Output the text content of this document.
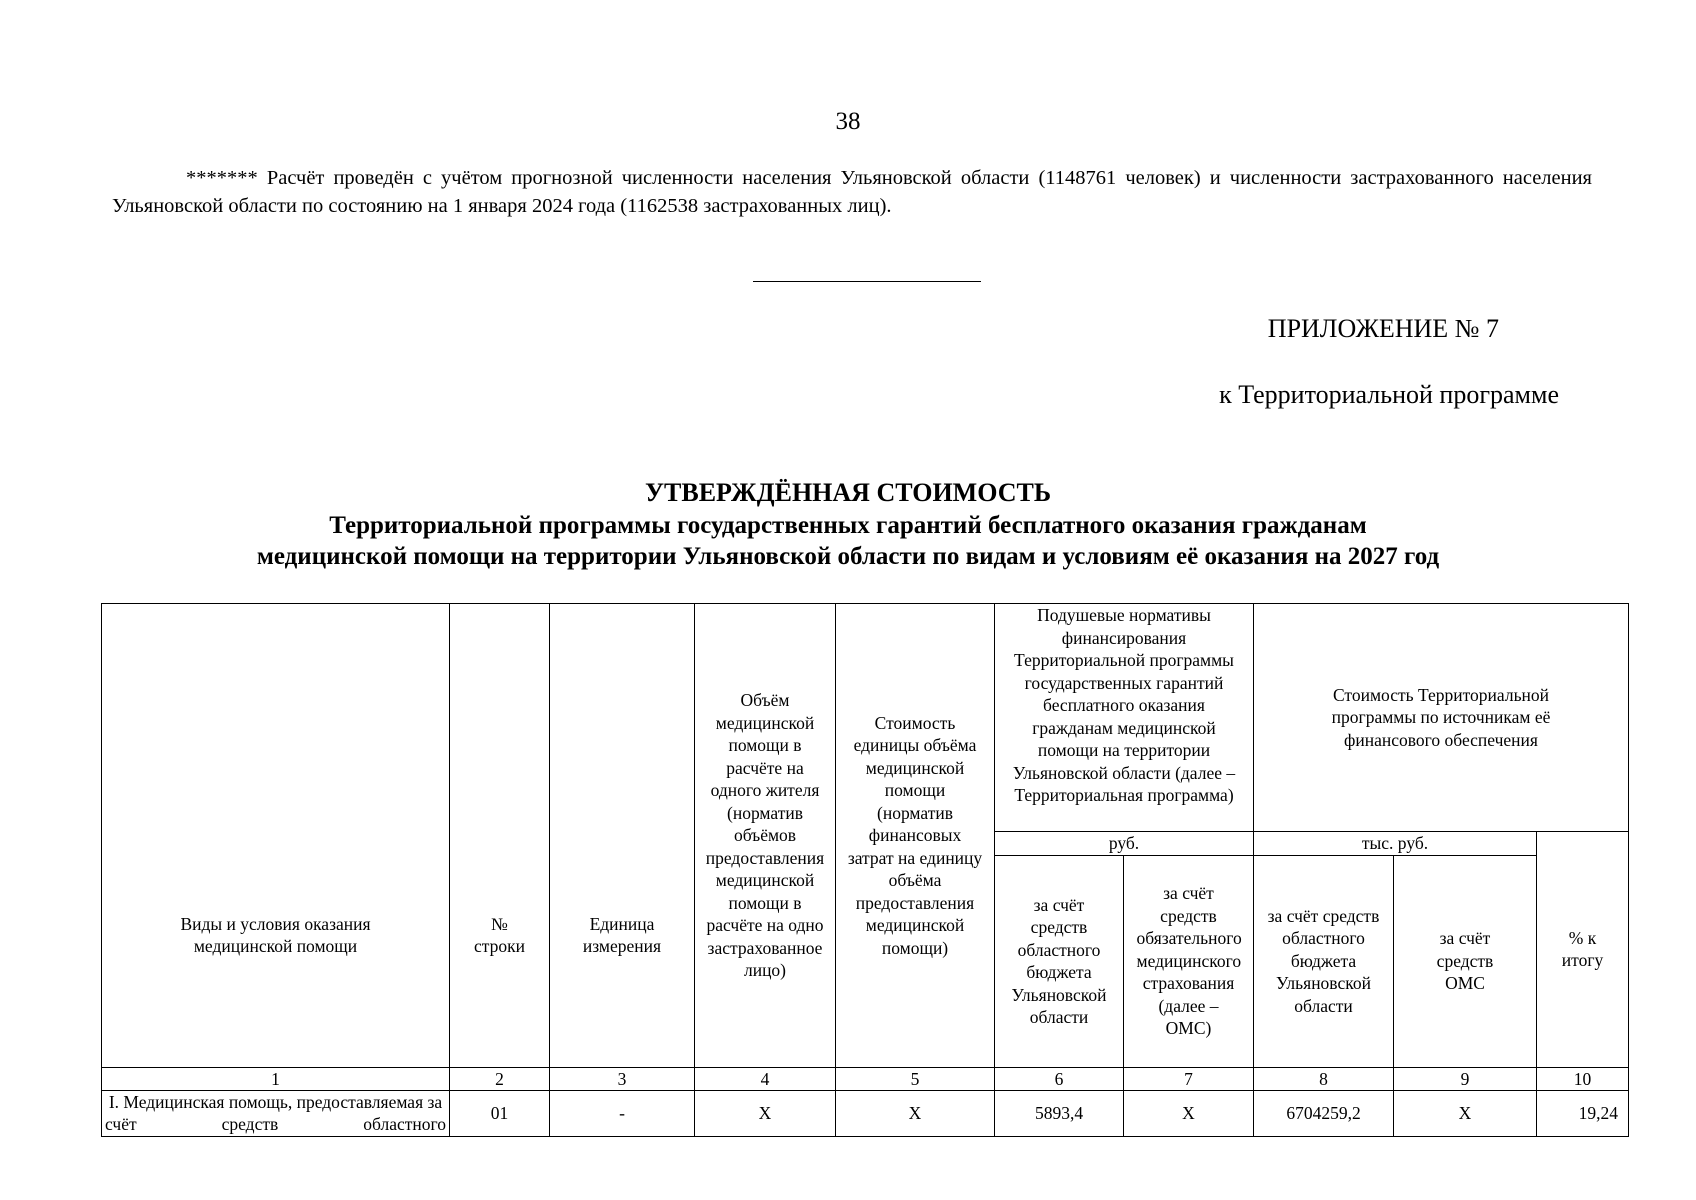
38
******* Расчёт проведён с учётом прогнозной численности населения Ульяновской области (1148761 человек) и численности застрахованного населения Ульяновской области по состоянию на 1 января 2024 года (1162538 застрахованных лиц).
ПРИЛОЖЕНИЕ № 7
к Территориальной программе
УТВЕРЖДЁННАЯ СТОИМОСТЬ
Территориальной программы государственных гарантий бесплатного оказания гражданам
медицинской помощи на территории Ульяновской области по видам и условиям её оказания на 2027 год
Виды и условия оказания медицинской помощи	№ строки	Единица измерения	Объём медицинской помощи в расчёте на одного жителя (норматив объёмов предоставления медицинской помощи в расчёте на одно застрахованное лицо)	Стоимость единицы объёма медицинской помощи (норматив финансовых затрат на единицу объёма предоставления медицинской помощи)	Подушевые нормативы финансирования Территориальной программы государственных гарантий бесплатного оказания гражданам медицинской помощи на территории Ульяновской области (далее – Территориальная программа)		Стоимость Территориальной программы по источникам её финансового обеспечения		
					руб.		тыс. руб.		% к итогу
					за счёт средств областного бюджета Ульяновской области	за счёт средств обязательного медицинского страхования (далее – ОМС)	за счёт средств областного бюджета Ульяновской области	за счёт средств ОМС	
1	2	3	4	5	6	7	8	9	10
I. Медицинская помощь, предоставляемая за счёт средств областного	01	-	X	X	5893,4	X	6704259,2	X	19,24
